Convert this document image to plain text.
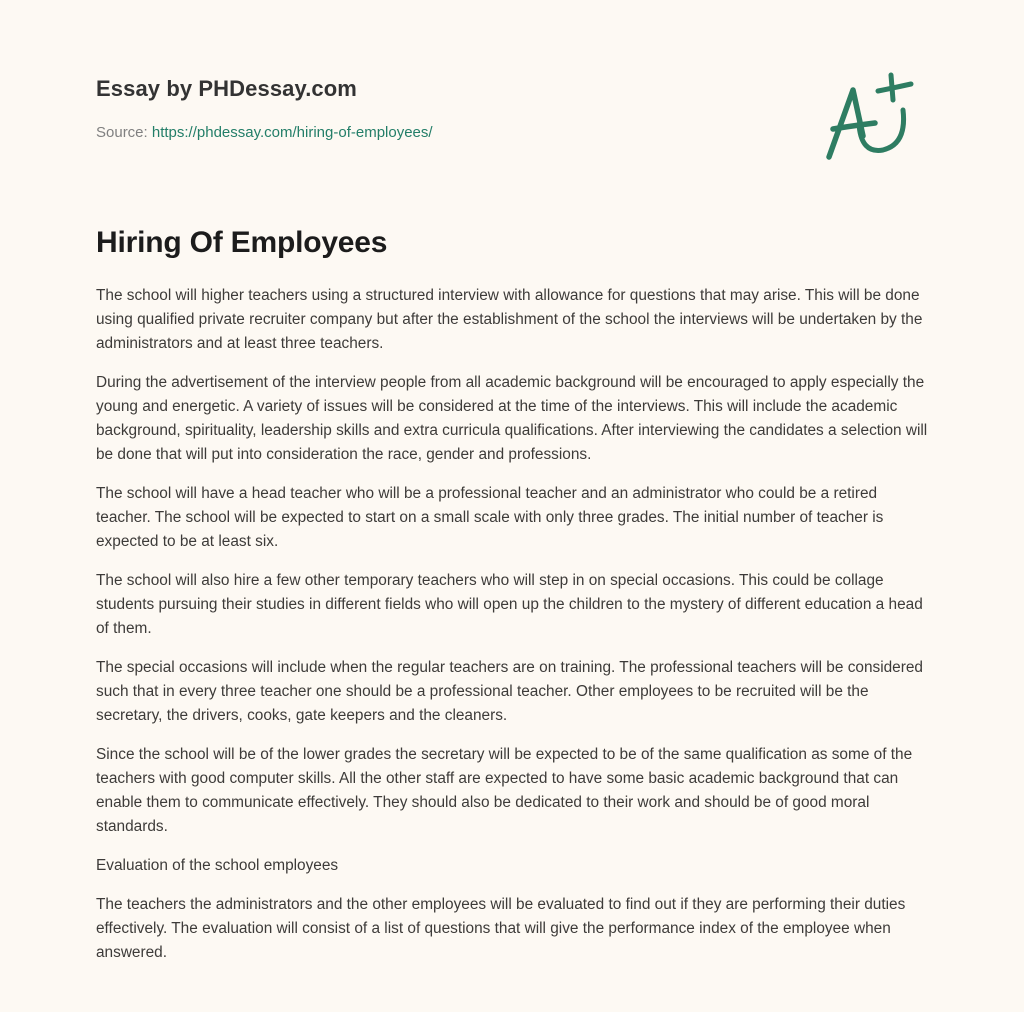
Essay by PHDessay.com
Source: https://phdessay.com/hiring-of-employees/
Hiring Of Employees

The school will higher teachers using a structured interview with allowance for questions that may arise. This will be done using qualified private recruiter company but after the establishment of the school the interviews will be undertaken by the administrators and at least three teachers.

During the advertisement of the interview people from all academic background will be encouraged to apply especially the young and energetic. A variety of issues will be considered at the time of the interviews. This will include the academic background, spirituality, leadership skills and extra curricula qualifications. After interviewing the candidates a selection will be done that will put into consideration the race, gender and professions.

The school will have a head teacher who will be a professional teacher and an administrator who could be a retired teacher. The school will be expected to start on a small scale with only three grades. The initial number of teacher is expected to be at least six.

The school will also hire a few other temporary teachers who will step in on special occasions. This could be collage students pursuing their studies in different fields who will open up the children to the mystery of different education a head of them.

The special occasions will include when the regular teachers are on training. The professional teachers will be considered such that in every three teacher one should be a professional teacher. Other employees to be recruited will be the secretary, the drivers, cooks, gate keepers and the cleaners.

Since the school will be of the lower grades the secretary will be expected to be of the same qualification as some of the teachers with good computer skills. All the other staff are expected to have some basic academic background that can enable them to communicate effectively. They should also be dedicated to their work and should be of good moral standards.

Evaluation of the school employees

The teachers the administrators and the other employees will be evaluated to find out if they are performing their duties effectively. The evaluation will consist of a list of questions that will give the performance index of the employee when answered.
